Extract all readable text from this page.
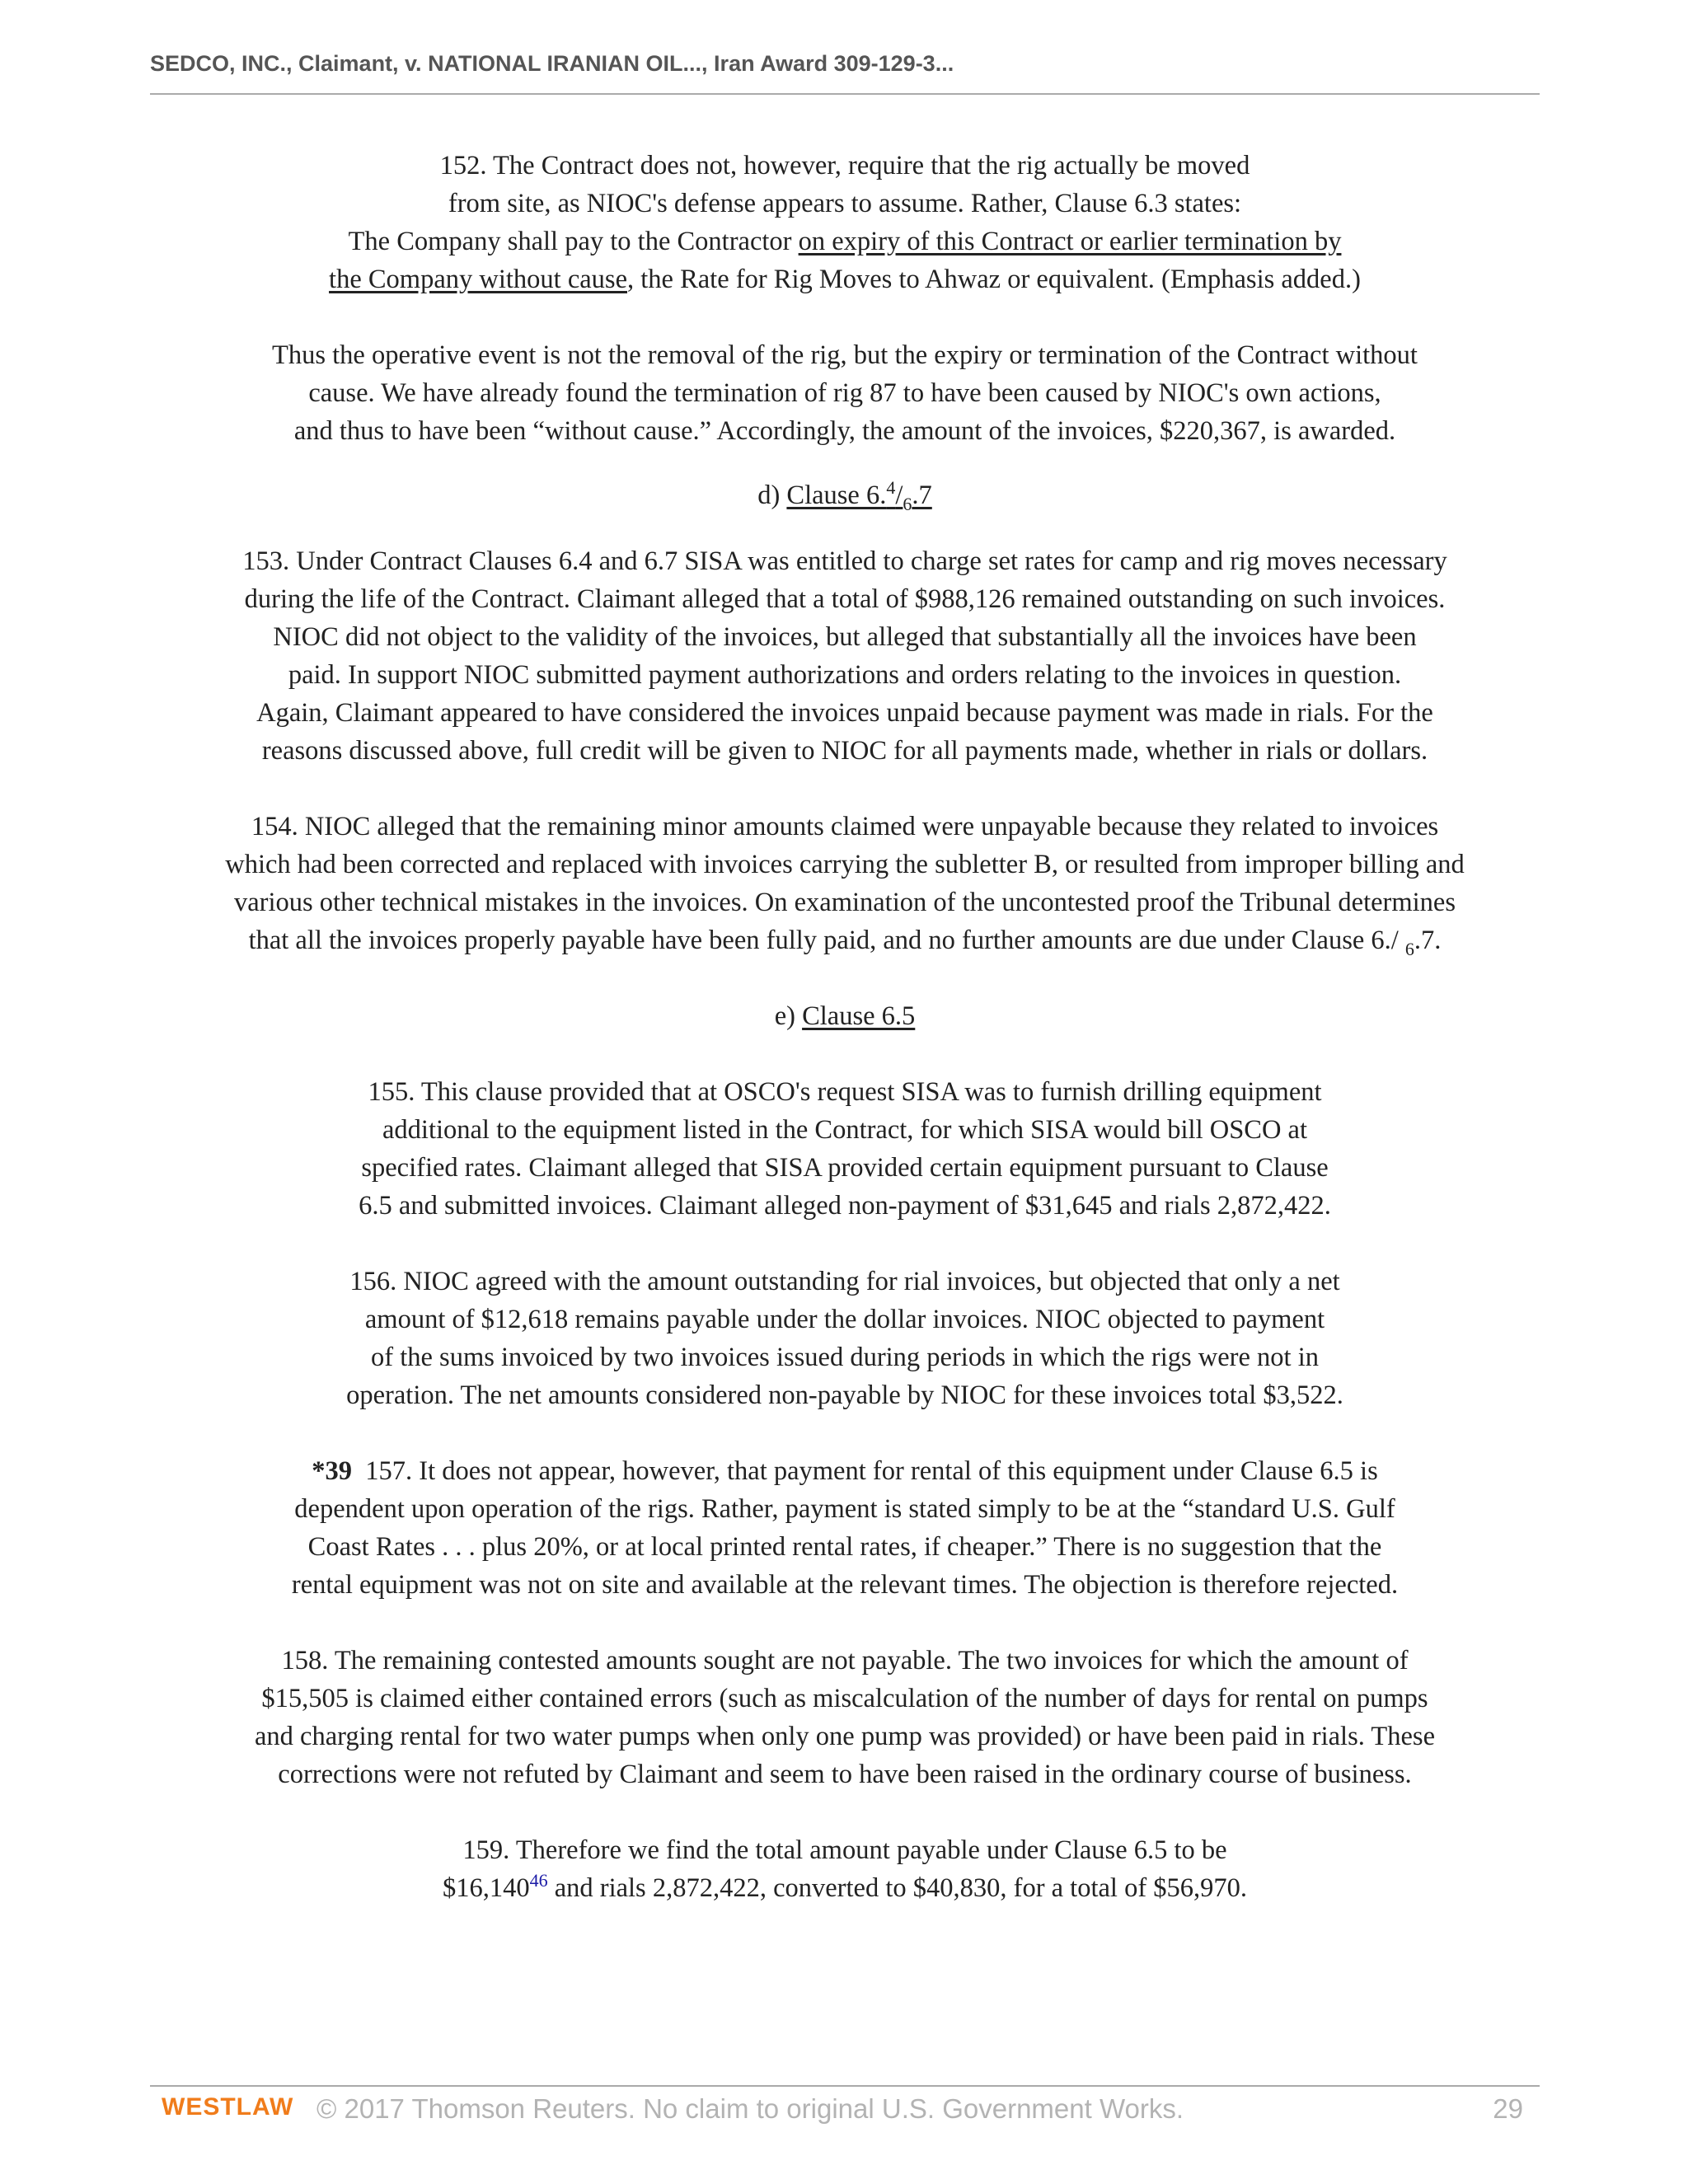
SEDCO, INC., Claimant, v. NATIONAL IRANIAN OIL..., Iran Award 309-129-3...

152. The Contract does not, however, require that the rig actually be moved
from site, as NIOC's defense appears to assume. Rather, Clause 6.3 states:
The Company shall pay to the Contractor on expiry of this Contract or earlier termination by
the Company without cause, the Rate for Rig Moves to Ahwaz or equivalent. (Emphasis added.)

Thus the operative event is not the removal of the rig, but the expiry or termination of the Contract without
cause. We have already found the termination of rig 87 to have been caused by NIOC's own actions,
and thus to have been “without cause.” Accordingly, the amount of the invoices, $220,367, is awarded.

d) Clause $6.^4/_6.7$

153. Under Contract Clauses 6.4 and 6.7 SISA was entitled to charge set rates for camp and rig moves necessary
during the life of the Contract. Claimant alleged that a total of $988,126 remained outstanding on such invoices.
NIOC did not object to the validity of the invoices, but alleged that substantially all the invoices have been
paid. In support NIOC submitted payment authorizations and orders relating to the invoices in question.
Again, Claimant appeared to have considered the invoices unpaid because payment was made in rials. For the
reasons discussed above, full credit will be given to NIOC for all payments made, whether in rials or dollars.

154. NIOC alleged that the remaining minor amounts claimed were unpayable because they related to invoices
which had been corrected and replaced with invoices carrying the subletter B, or resulted from improper billing and
various other technical mistakes in the invoices. On examination of the uncontested proof the Tribunal determines
that all the invoices properly payable have been fully paid, and no further amounts are due under Clause 6./ $_6$.7.

e) Clause 6.5

155. This clause provided that at OSCO's request SISA was to furnish drilling equipment
additional to the equipment listed in the Contract, for which SISA would bill OSCO at
specified rates. Claimant alleged that SISA provided certain equipment pursuant to Clause
6.5 and submitted invoices. Claimant alleged non-payment of $31,645 and rials 2,872,422.

156. NIOC agreed with the amount outstanding for rial invoices, but objected that only a net
amount of $12,618 remains payable under the dollar invoices. NIOC objected to payment
of the sums invoiced by two invoices issued during periods in which the rigs were not in
operation. The net amounts considered non-payable by NIOC for these invoices total $3,522.

*39 157. It does not appear, however, that payment for rental of this equipment under Clause 6.5 is
dependent upon operation of the rigs. Rather, payment is stated simply to be at the “standard U.S. Gulf
Coast Rates . . . plus 20%, or at local printed rental rates, if cheaper.” There is no suggestion that the
rental equipment was not on site and available at the relevant times. The objection is therefore rejected.

158. The remaining contested amounts sought are not payable. The two invoices for which the amount of
$15,505 is claimed either contained errors (such as miscalculation of the number of days for rental on pumps
and charging rental for two water pumps when only one pump was provided) or have been paid in rials. These
corrections were not refuted by Claimant and seem to have been raised in the ordinary course of business.

159. Therefore we find the total amount payable under Clause 6.5 to be
$16,140$^{46}$ and rials 2,872,422, converted to $40,830, for a total of $56,970.

WESTLAW © 2017 Thomson Reuters. No claim to original U.S. Government Works.	29
